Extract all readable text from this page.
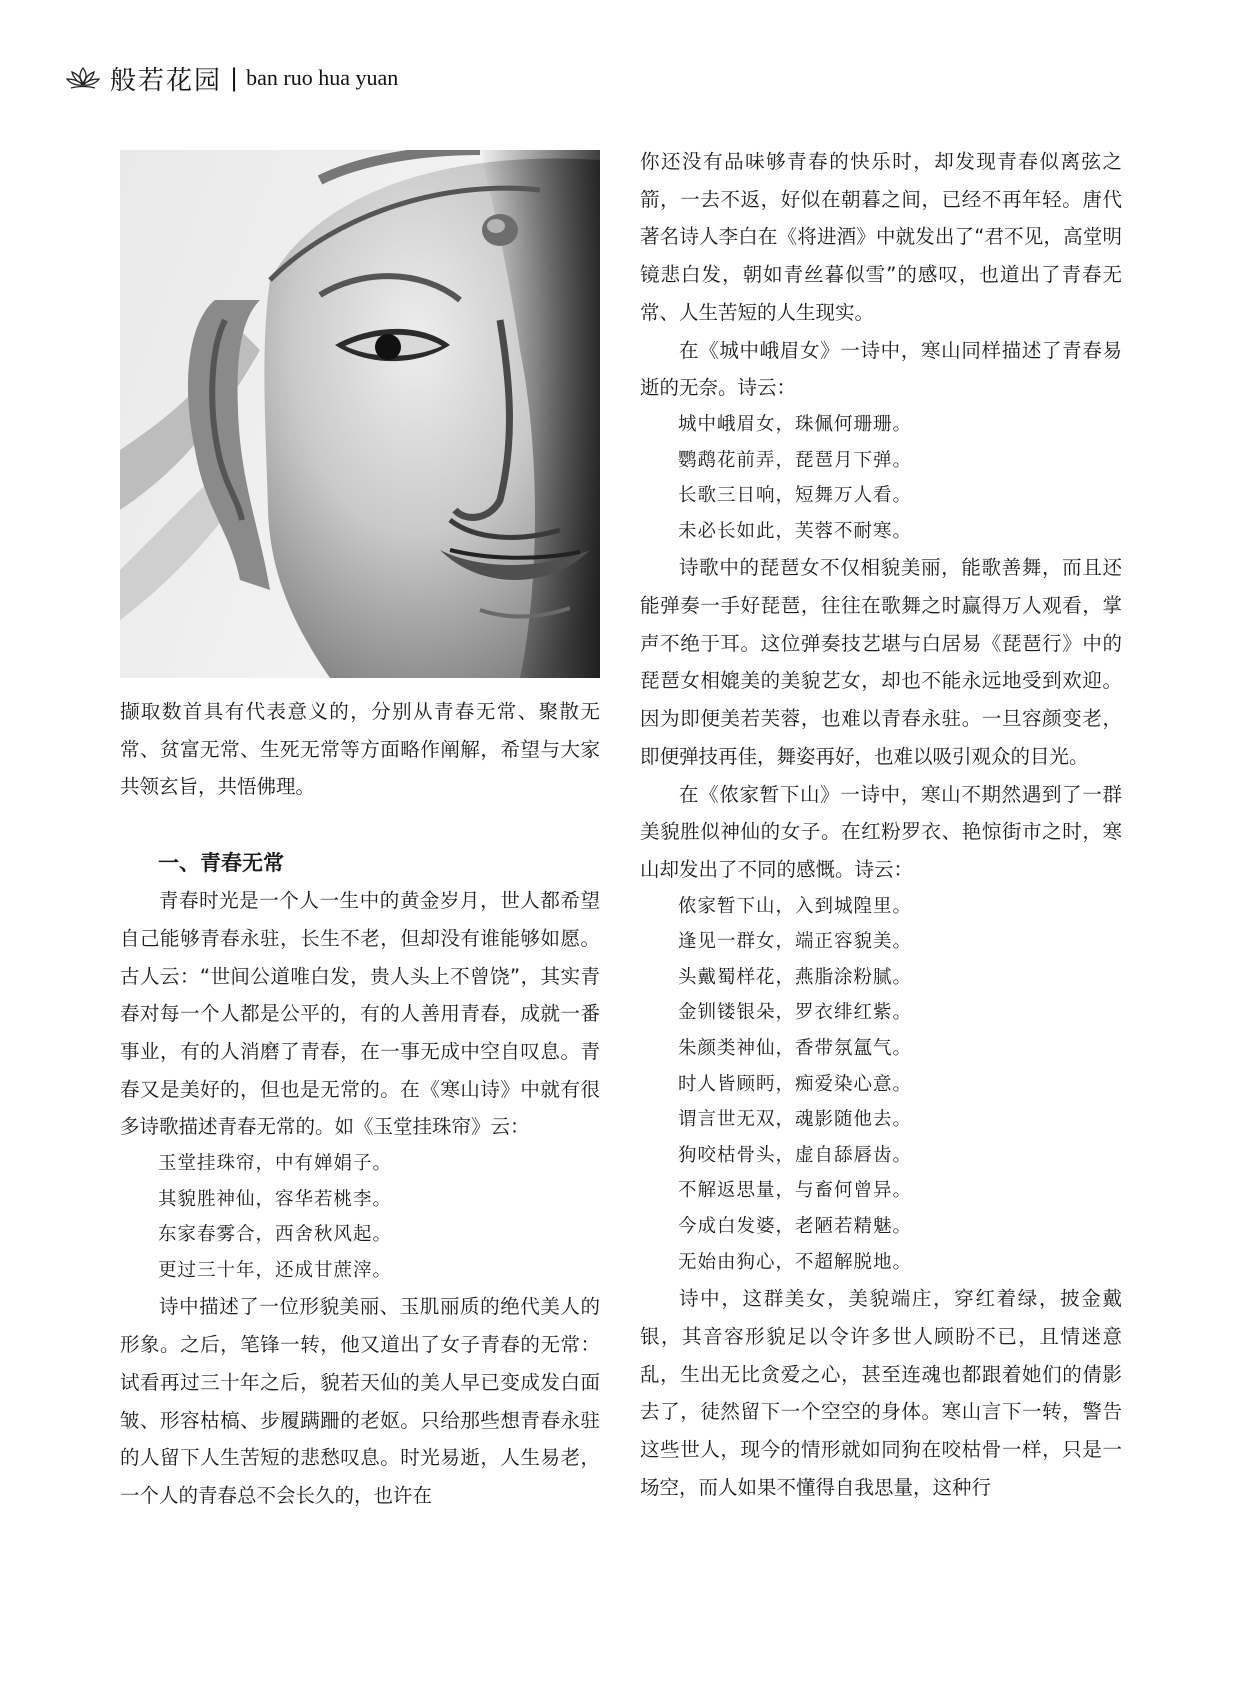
般若花园 | ban ruo hua yuan

撷取数首具有代表意义的，分别从青春无常、聚散无常、贫富无常、生死无常等方面略作阐解，希望与大家共领玄旨，共悟佛理。

一、青春无常

青春时光是一个人一生中的黄金岁月，世人都希望自己能够青春永驻，长生不老，但却没有谁能够如愿。古人云：“世间公道唯白发，贵人头上不曾饶”，其实青春对每一个人都是公平的，有的人善用青春，成就一番事业，有的人消磨了青春，在一事无成中空自叹息。青春又是美好的，但也是无常的。在《寒山诗》中就有很多诗歌描述青春无常的。如《玉堂挂珠帘》云：

玉堂挂珠帘，中有婵娟子。
其貌胜神仙，容华若桃李。
东家春雾合，西舍秋风起。
更过三十年，还成甘蔗滓。

诗中描述了一位形貌美丽、玉肌丽质的绝代美人的形象。之后，笔锋一转，他又道出了女子青春的无常：试看再过三十年之后，貌若天仙的美人早已变成发白面皱、形容枯槁、步履蹒跚的老妪。只给那些想青春永驻的人留下人生苦短的悲愁叹息。时光易逝，人生易老，一个人的青春总不会长久的，也许在

你还没有品味够青春的快乐时，却发现青春似离弦之箭，一去不返，好似在朝暮之间，已经不再年轻。唐代著名诗人李白在《将进酒》中就发出了“君不见，高堂明镜悲白发，朝如青丝暮似雪”的感叹，也道出了青春无常、人生苦短的人生现实。

在《城中峨眉女》一诗中，寒山同样描述了青春易逝的无奈。诗云：

城中峨眉女，珠佩何珊珊。
鹦鹉花前弄，琵琶月下弹。
长歌三日响，短舞万人看。
未必长如此，芙蓉不耐寒。

诗歌中的琵琶女不仅相貌美丽，能歌善舞，而且还能弹奏一手好琵琶，往往在歌舞之时赢得万人观看，掌声不绝于耳。这位弹奏技艺堪与白居易《琵琶行》中的琵琶女相媲美的美貌艺女，却也不能永远地受到欢迎。因为即便美若芙蓉，也难以青春永驻。一旦容颜变老，即便弹技再佳，舞姿再好，也难以吸引观众的目光。

在《侬家暂下山》一诗中，寒山不期然遇到了一群美貌胜似神仙的女子。在红粉罗衣、艳惊街市之时，寒山却发出了不同的感慨。诗云：

侬家暂下山，入到城隍里。
逢见一群女，端正容貌美。
头戴蜀样花，燕脂涂粉腻。
金钏镂银朵，罗衣绯红紫。
朱颜类神仙，香带氛氲气。
时人皆顾眄，痴爱染心意。
谓言世无双，魂影随他去。
狗咬枯骨头，虚自舔唇齿。
不解返思量，与畜何曾异。
今成白发婆，老陋若精魅。
无始由狗心，不超解脱地。

诗中，这群美女，美貌端庄，穿红着绿，披金戴银，其音容形貌足以令许多世人顾盼不已，且情迷意乱，生出无比贪爱之心，甚至连魂也都跟着她们的倩影去了，徒然留下一个空空的身体。寒山言下一转，警告这些世人，现今的情形就如同狗在咬枯骨一样，只是一场空，而人如果不懂得自我思量，这种行
